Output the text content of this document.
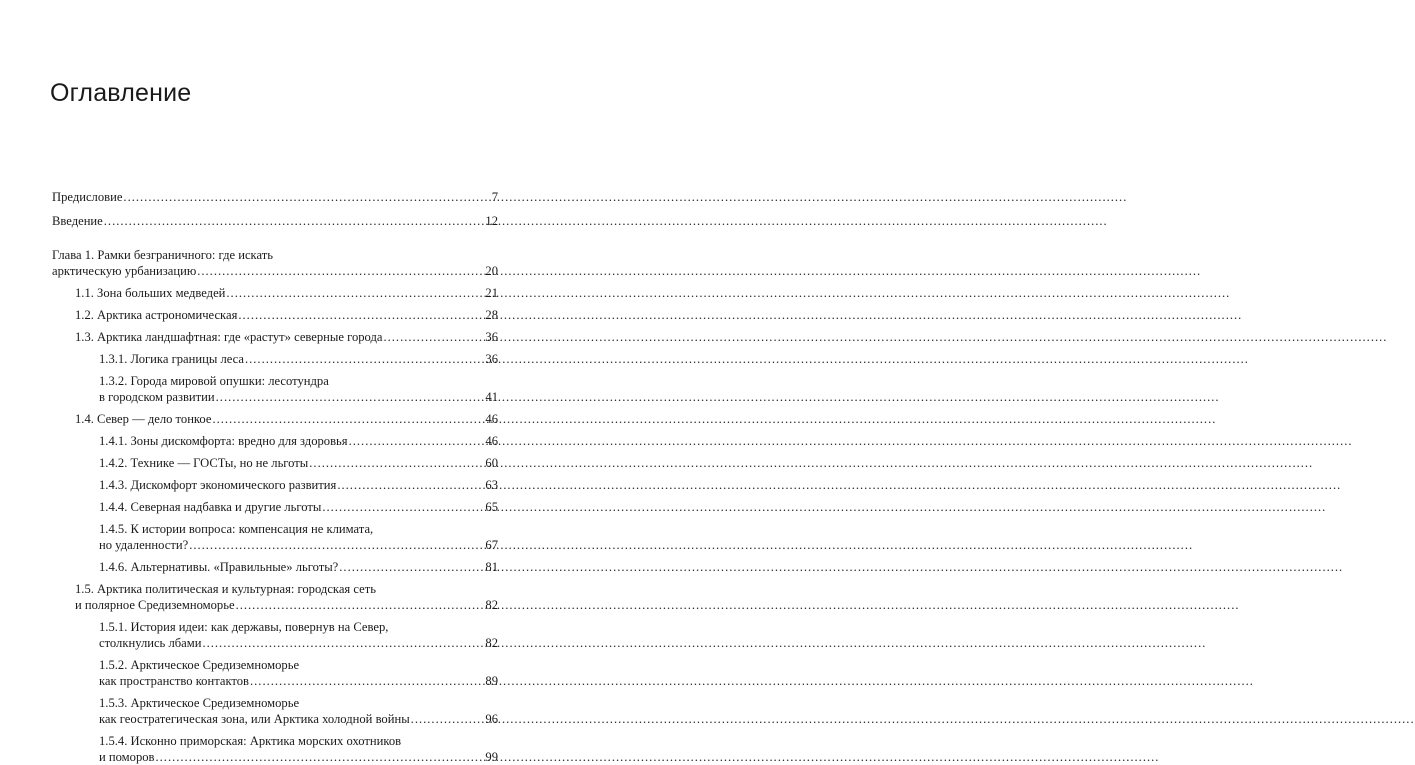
Оглавление
Предисловие .....	7
Введение .....	12
Глава 1. Рамки безграничного: где искать
арктическую урбанизацию .....	20
1.1. Зона больших медведей .....	21
1.2. Арктика астрономическая .....	28
1.3. Арктика ландшафтная: где «растут» северные города .....	36
1.3.1. Логика границы леса .....	36
1.3.2. Города мировой опушки: лесотундра
в городском развитии .....	41
1.4. Север — дело тонкое .....	46
1.4.1. Зоны дискомфорта: вредно для здоровья .....	46
1.4.2. Технике — ГОСТы, но не льготы .....	60
1.4.3. Дискомфорт экономического развития .....	63
1.4.4. Северная надбавка и другие льготы .....	65
1.4.5. К истории вопроса: компенсация не климата,
но удаленности? .....	67
1.4.6. Альтернативы. «Правильные» льготы? .....	81
1.5. Арктика политическая и культурная: городская сеть
и полярное Средиземноморье .....	82
1.5.1. История идеи: как державы, повернув на Север,
столкнулись лбами .....	82
1.5.2. Арктическое Средиземноморье
как пространство контактов .....	89
1.5.3. Арктическое Средиземноморье
как геостратегическая зона, или Арктика холодной войны .....	96
1.5.4. Исконно приморская: Арктика морских охотников
и поморов .....	99
